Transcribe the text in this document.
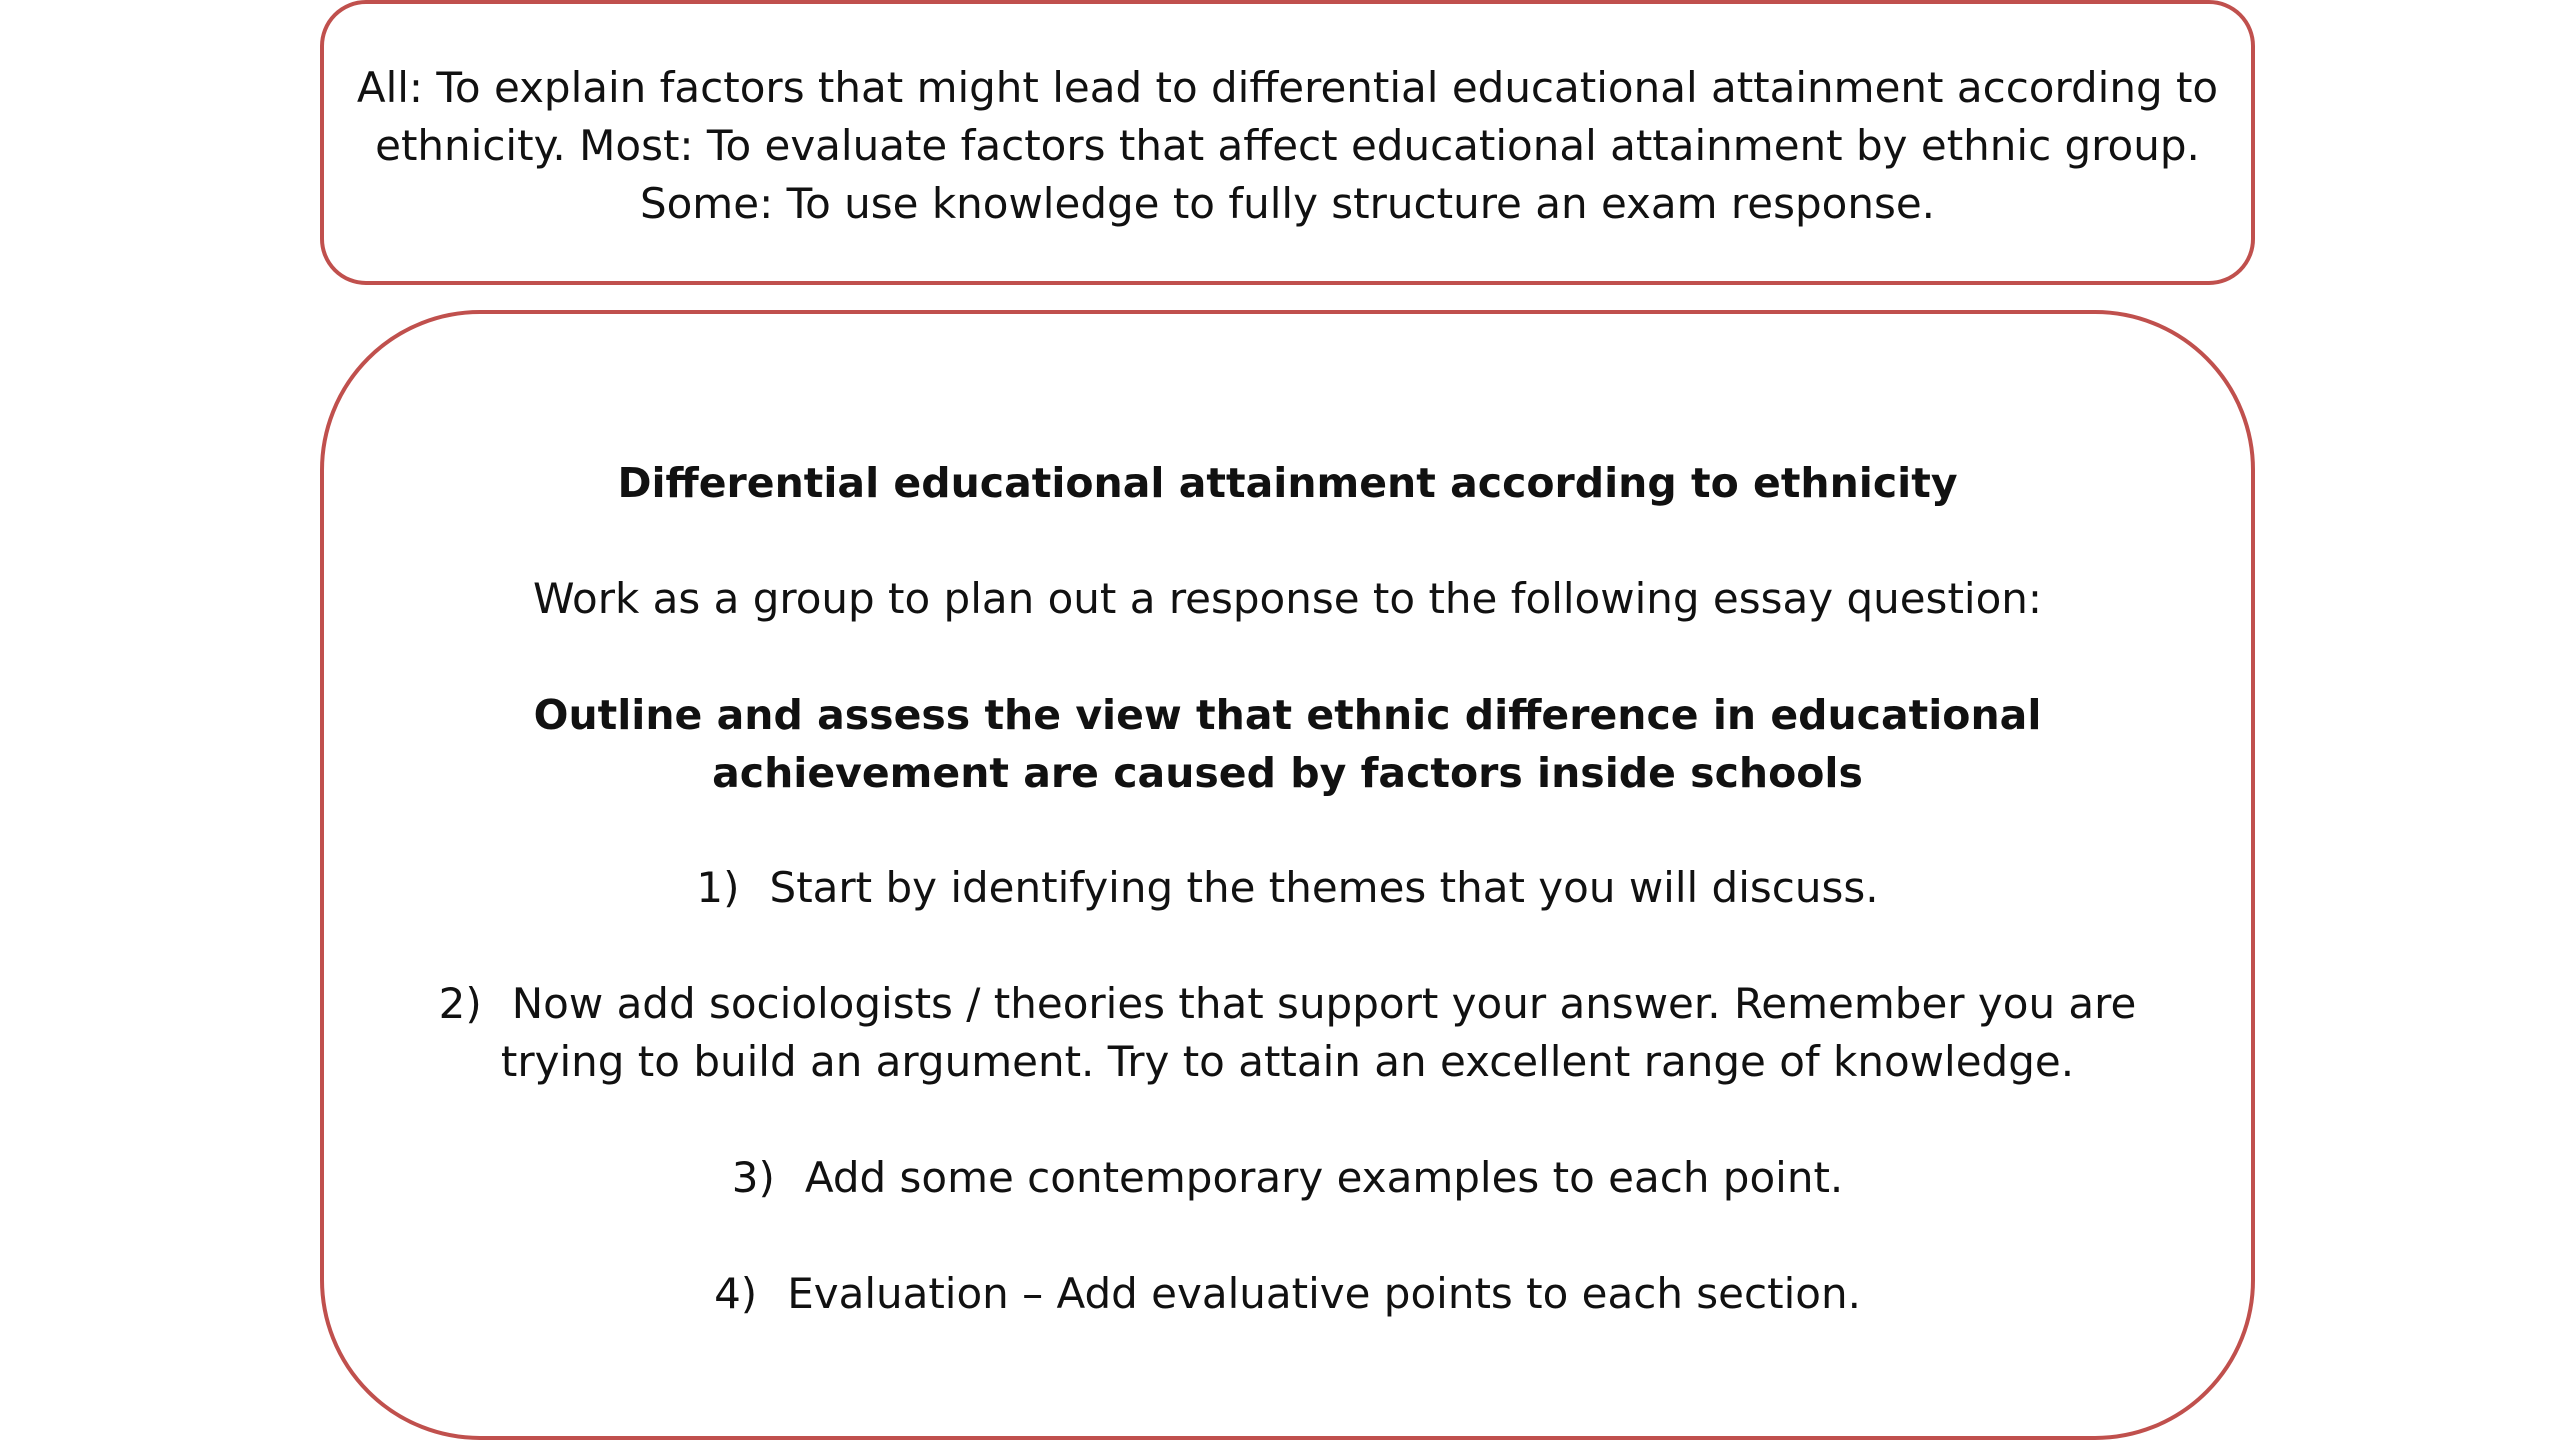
All: To explain factors that might lead to differential educational attainment according to ethnicity. Most: To evaluate factors that affect educational attainment by ethnic group. Some: To use knowledge to fully structure an exam response.

Differential educational attainment according to ethnicity

Work as a group to plan out a response to the following essay question:

Outline and assess the view that ethnic difference in educational achievement are caused by factors inside schools

1) Start by identifying the themes that you will discuss.

2) Now add sociologists / theories that support your answer. Remember you are trying to build an argument. Try to attain an excellent range of knowledge.

3) Add some contemporary examples to each point.

4) Evaluation – Add evaluative points to each section.
